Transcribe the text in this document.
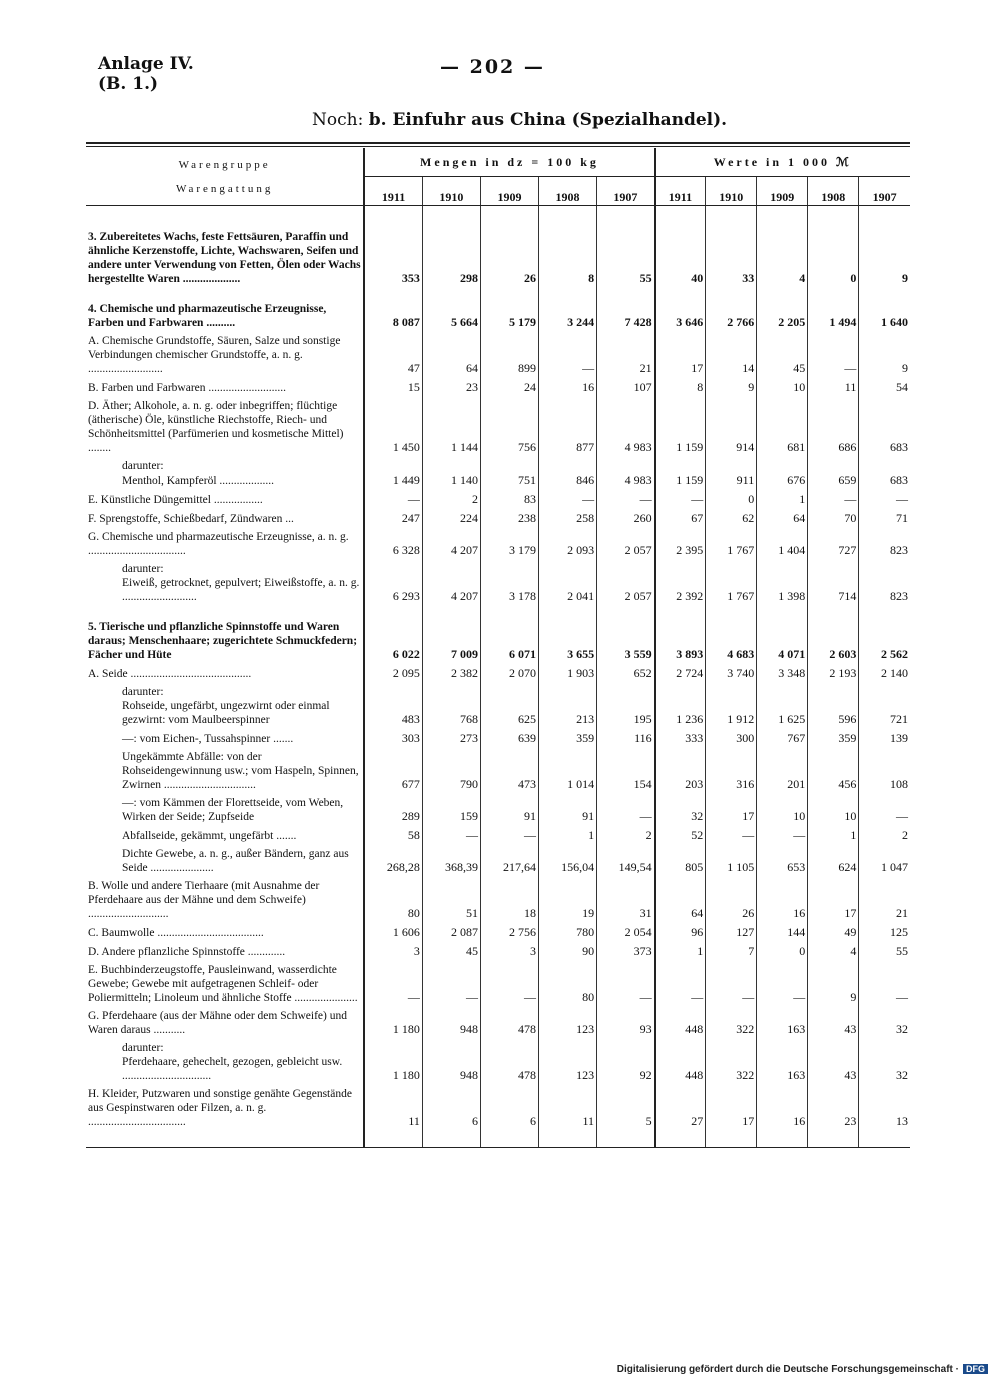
Anlage IV.
(B. 1.)
— 202 —
Noch: b. Einfuhr aus China (Spezialhandel).
Warengruppe
Warengattung	Mengen in dz = 100 kg					Werte in 1 000 ℳ				
	1911	1910	1909	1908	1907	1911	1910	1909	1908	1907

3. Zubereitetes Wachs, feste Fettsäuren, Paraffin und ähnliche Kerzenstoffe, Lichte, Wachswaren, Seifen und andere unter Verwendung von Fetten, Ölen oder Wachs hergestellte Waren ....................	353	298	26	8	55	40	33	4	0	9

4. Chemische und pharmazeutische Erzeugnisse, Farben und Farbwaren ..........	8 087	5 664	5 179	3 244	7 428	3 646	2 766	2 205	1 494	1 640

A. Chemische Grundstoffe, Säuren, Salze und sonstige Verbindungen chemischer Grundstoffe, a. n. g. ..........................	47	64	899	—	21	17	14	45	—	9

B. Farben und Farbwaren ...........................	15	23	24	16	107	8	9	10	11	54

D. Äther; Alkohole, a. n. g. oder inbegriffen; flüchtige (ätherische) Öle, künstliche Riechstoffe, Riech- und Schönheitsmittel (Parfümerien und kosmetische Mittel) ........	1 450	1 144	756	877	4 983	1 159	914	681	686	683

darunter:										
Menthol, Kampferöl ...................	1 449	1 140	751	846	4 983	1 159	911	676	659	683

E. Künstliche Düngemittel .................	—	2	83	—	—	—	0	1	—	—

F. Sprengstoffe, Schießbedarf, Zündwaren ...	247	224	238	258	260	67	62	64	70	71

G. Chemische und pharmazeutische Erzeugnisse, a. n. g. ..................................	6 328	4 207	3 179	2 093	2 057	2 395	1 767	1 404	727	823

darunter:										
Eiweiß, getrocknet, gepulvert; Eiweißstoffe, a. n. g. ..........................	6 293	4 207	3 178	2 041	2 057	2 392	1 767	1 398	714	823

5. Tierische und pflanzliche Spinnstoffe und Waren daraus; Menschenhaare; zugerichtete Schmuckfedern; Fächer und Hüte	6 022	7 009	6 071	3 655	3 559	3 893	4 683	4 071	2 603	2 562

A. Seide ..........................................	2 095	2 382	2 070	1 903	652	2 724	3 740	3 348	2 193	2 140

darunter:										
Rohseide, ungefärbt, ungezwirnt oder einmal gezwirnt: vom Maulbeerspinner	483	768	625	213	195	1 236	1 912	1 625	596	721

—: vom Eichen-, Tussahspinner .......	303	273	639	359	116	333	300	767	359	139

Ungekämmte Abfälle: von der Rohseidengewinnung usw.; vom Haspeln, Spinnen, Zwirnen ................................	677	790	473	1 014	154	203	316	201	456	108

—: vom Kämmen der Florettseide, vom Weben, Wirken der Seide; Zupfseide	289	159	91	91	—	32	17	10	10	—

Abfallseide, gekämmt, ungefärbt .......	58	—	—	1	2	52	—	—	1	2

Dichte Gewebe, a. n. g., außer Bändern, ganz aus Seide ......................	268,28	368,39	217,64	156,04	149,54	805	1 105	653	624	1 047

B. Wolle und andere Tierhaare (mit Ausnahme der Pferdehaare aus der Mähne und dem Schweife) ............................	80	51	18	19	31	64	26	16	17	21

C. Baumwolle .....................................	1 606	2 087	2 756	780	2 054	96	127	144	49	125

D. Andere pflanzliche Spinnstoffe .............	3	45	3	90	373	1	7	0	4	55

E. Buchbinderzeugstoffe, Pausleinwand, wasserdichte Gewebe; Gewebe mit aufgetragenen Schleif- oder Poliermitteln; Linoleum und ähnliche Stoffe ......................	—	—	—	80	—	—	—	—	9	—

G. Pferdehaare (aus der Mähne oder dem Schweife) und Waren daraus ...........	1 180	948	478	123	93	448	322	163	43	32

darunter:										
Pferdehaare, gehechelt, gezogen, gebleicht usw. ...............................	1 180	948	478	123	92	448	322	163	43	32

H. Kleider, Putzwaren und sonstige genähte Gegenstände aus Gespinstwaren oder Filzen, a. n. g. ..................................	11	6	6	11	5	27	17	16	23	13

Digitalisierung gefördert durch die Deutsche Forschungsgemeinschaft · DFG
